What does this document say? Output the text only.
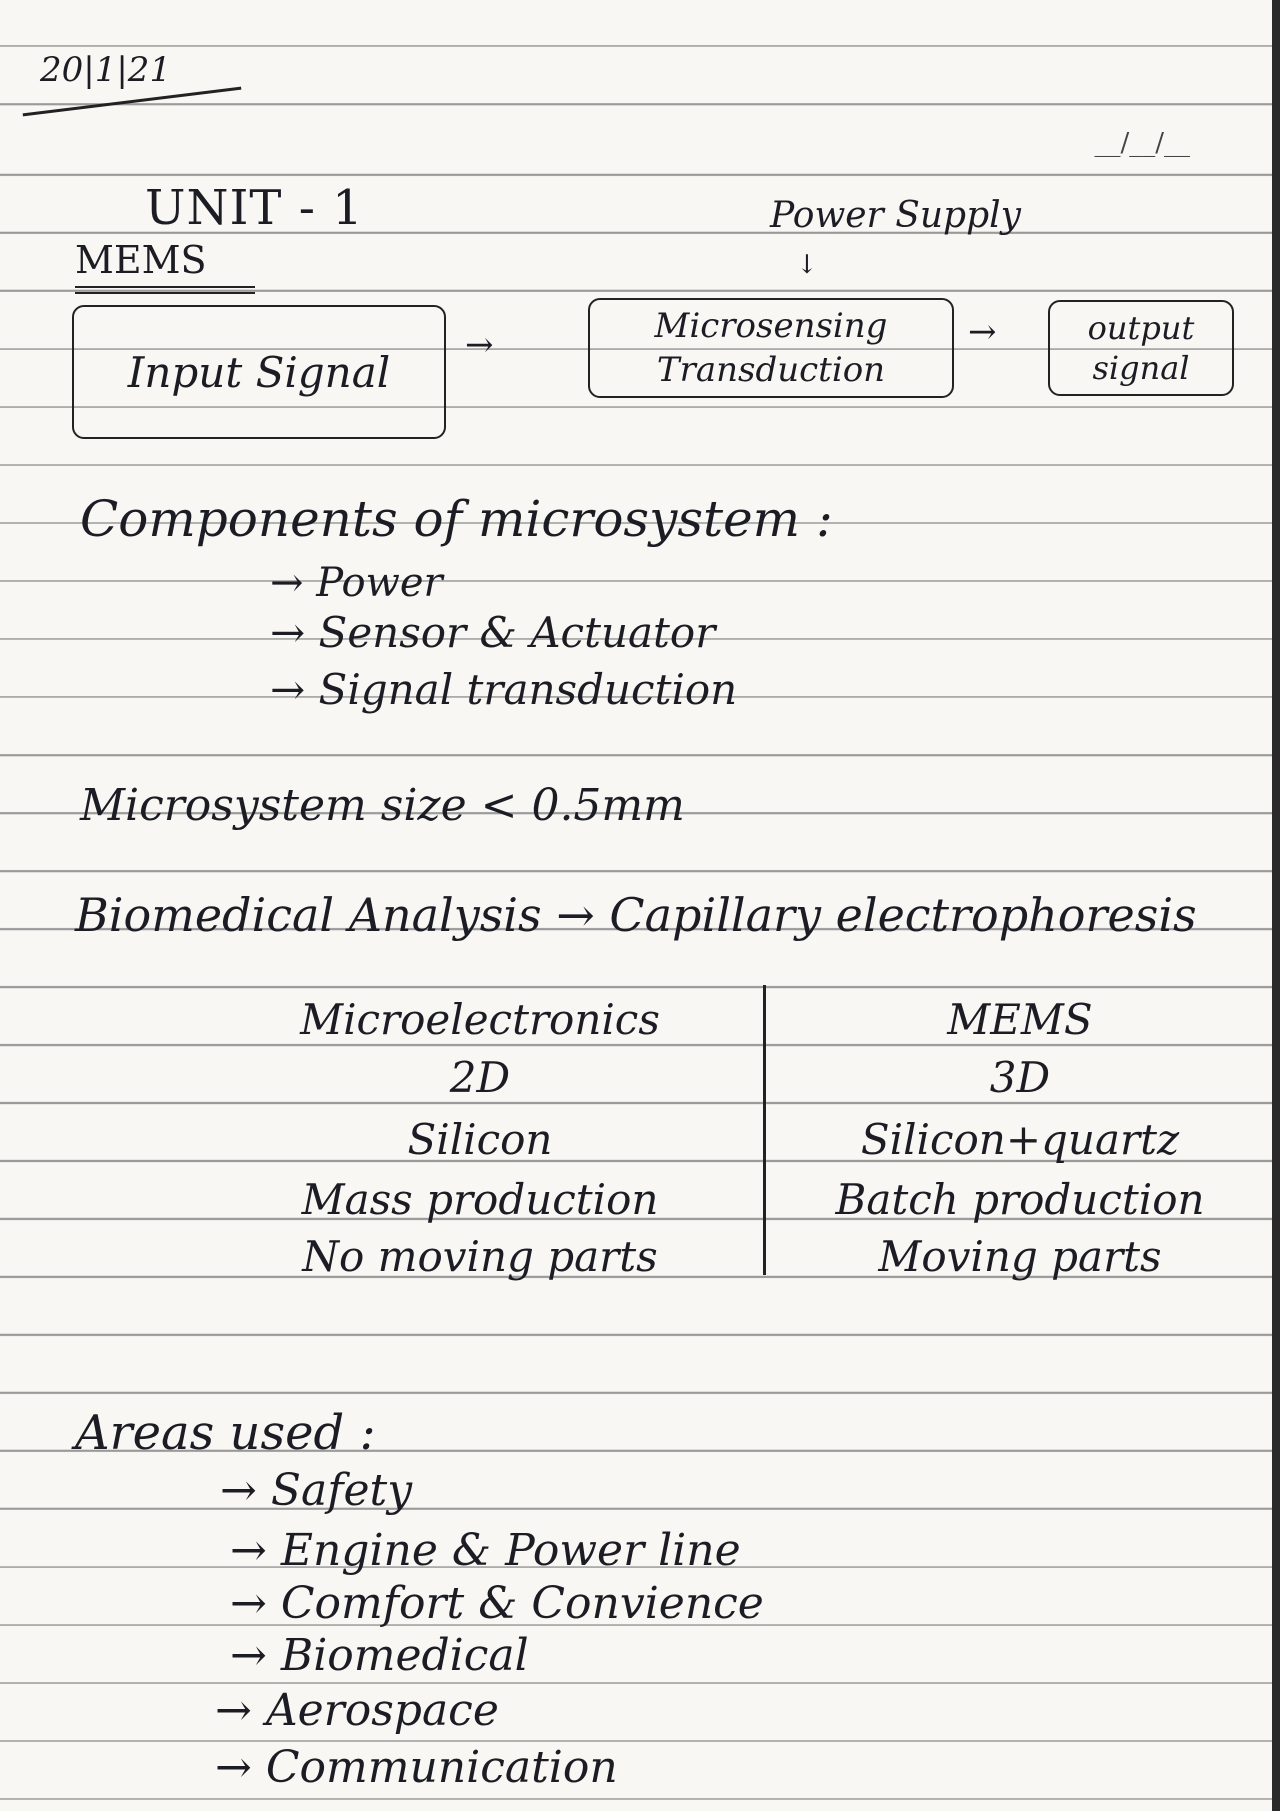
20|1|21
__/__/__
UNIT - 1
MEMS
Power Supply
↓
Input Signal
→	Microsensing
Transduction
→	output
signal
Components of microsystem :
→ Power
→ Sensor & Actuator
→ Signal transduction
Microsystem size < 0.5mm
Biomedical Analysis → Capillary electrophoresis
Microelectronics
2D
Silicon
Mass production
No moving parts
MEMS
3D
Silicon+quartz
Batch production
Moving parts
Areas used :
→ Safety
→ Engine & Power line
→ Comfort & Convience
→ Biomedical
→ Aerospace
→ Communication
